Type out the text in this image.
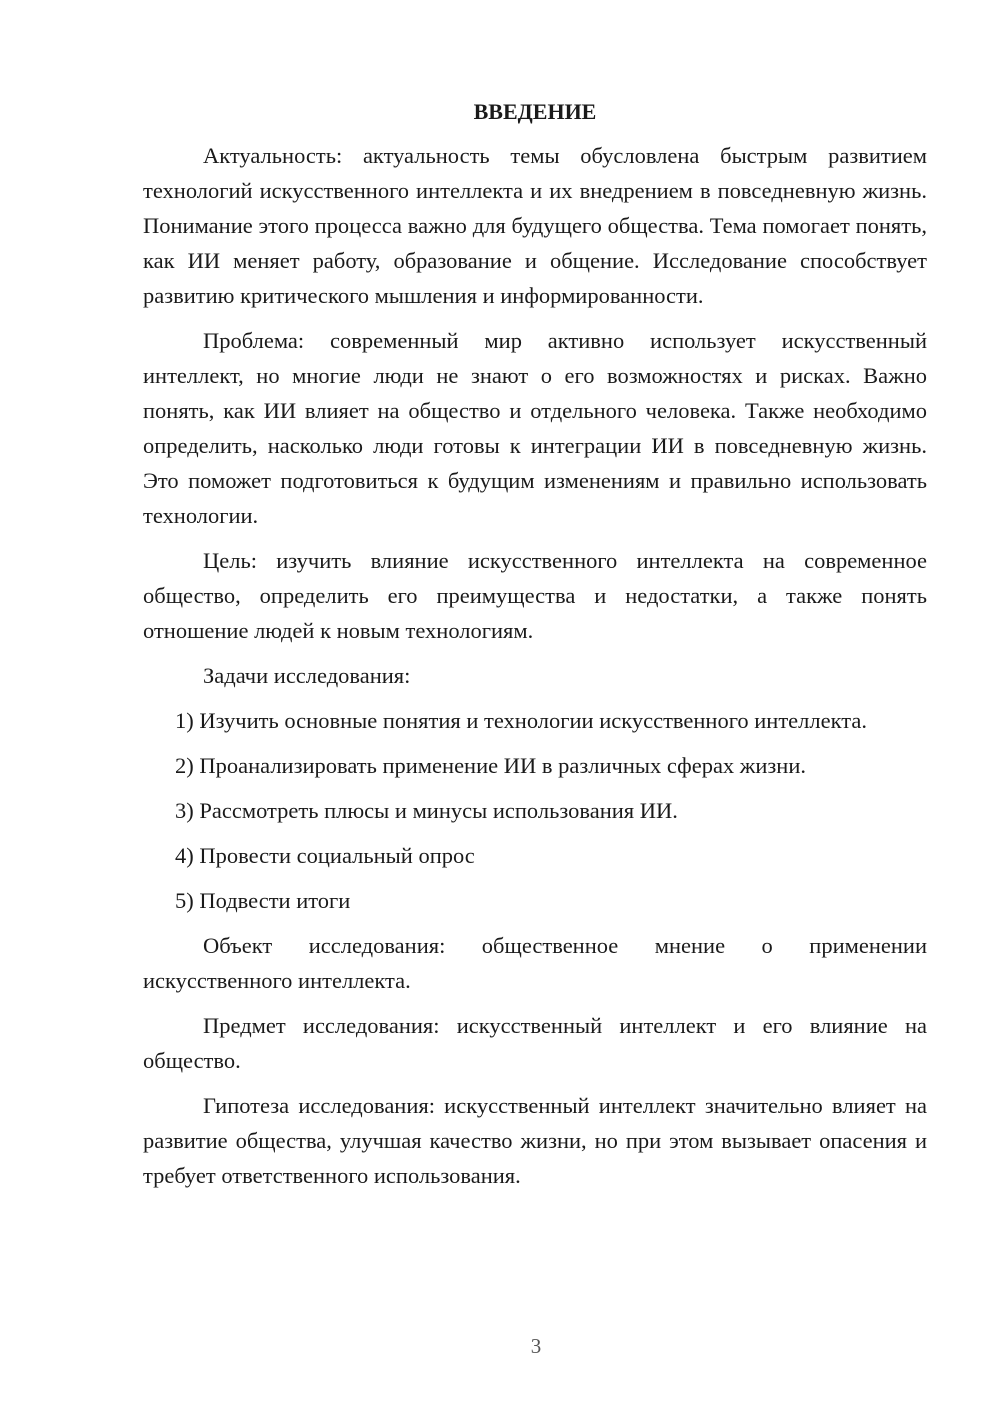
ВВЕДЕНИЕ

Актуальность: актуальность темы обусловлена быстрым развитием технологий искусственного интеллекта и их внедрением в повседневную жизнь. Понимание этого процесса важно для будущего общества. Тема помогает понять, как ИИ меняет работу, образование и общение. Исследование способствует развитию критического мышления и информированности.

Проблема: современный мир активно использует искусственный интеллект, но многие люди не знают о его возможностях и рисках. Важно понять, как ИИ влияет на общество и отдельного человека. Также необходимо определить, насколько люди готовы к интеграции ИИ в повседневную жизнь. Это поможет подготовиться к будущим изменениям и правильно использовать технологии.

Цель: изучить влияние искусственного интеллекта на современное общество, определить его преимущества и недостатки, а также понять отношение людей к новым технологиям.

Задачи исследования:

1) Изучить основные понятия и технологии искусственного интеллекта.

2) Проанализировать применение ИИ в различных сферах жизни.

3) Рассмотреть плюсы и минусы использования ИИ.

4) Провести социальный опрос

5) Подвести итоги

Объект исследования: общественное мнение о применении искусственного интеллекта.

Предмет исследования: искусственный интеллект и его влияние на общество.

Гипотеза исследования: искусственный интеллект значительно влияет на развитие общества, улучшая качество жизни, но при этом вызывает опасения и требует ответственного использования.

3
